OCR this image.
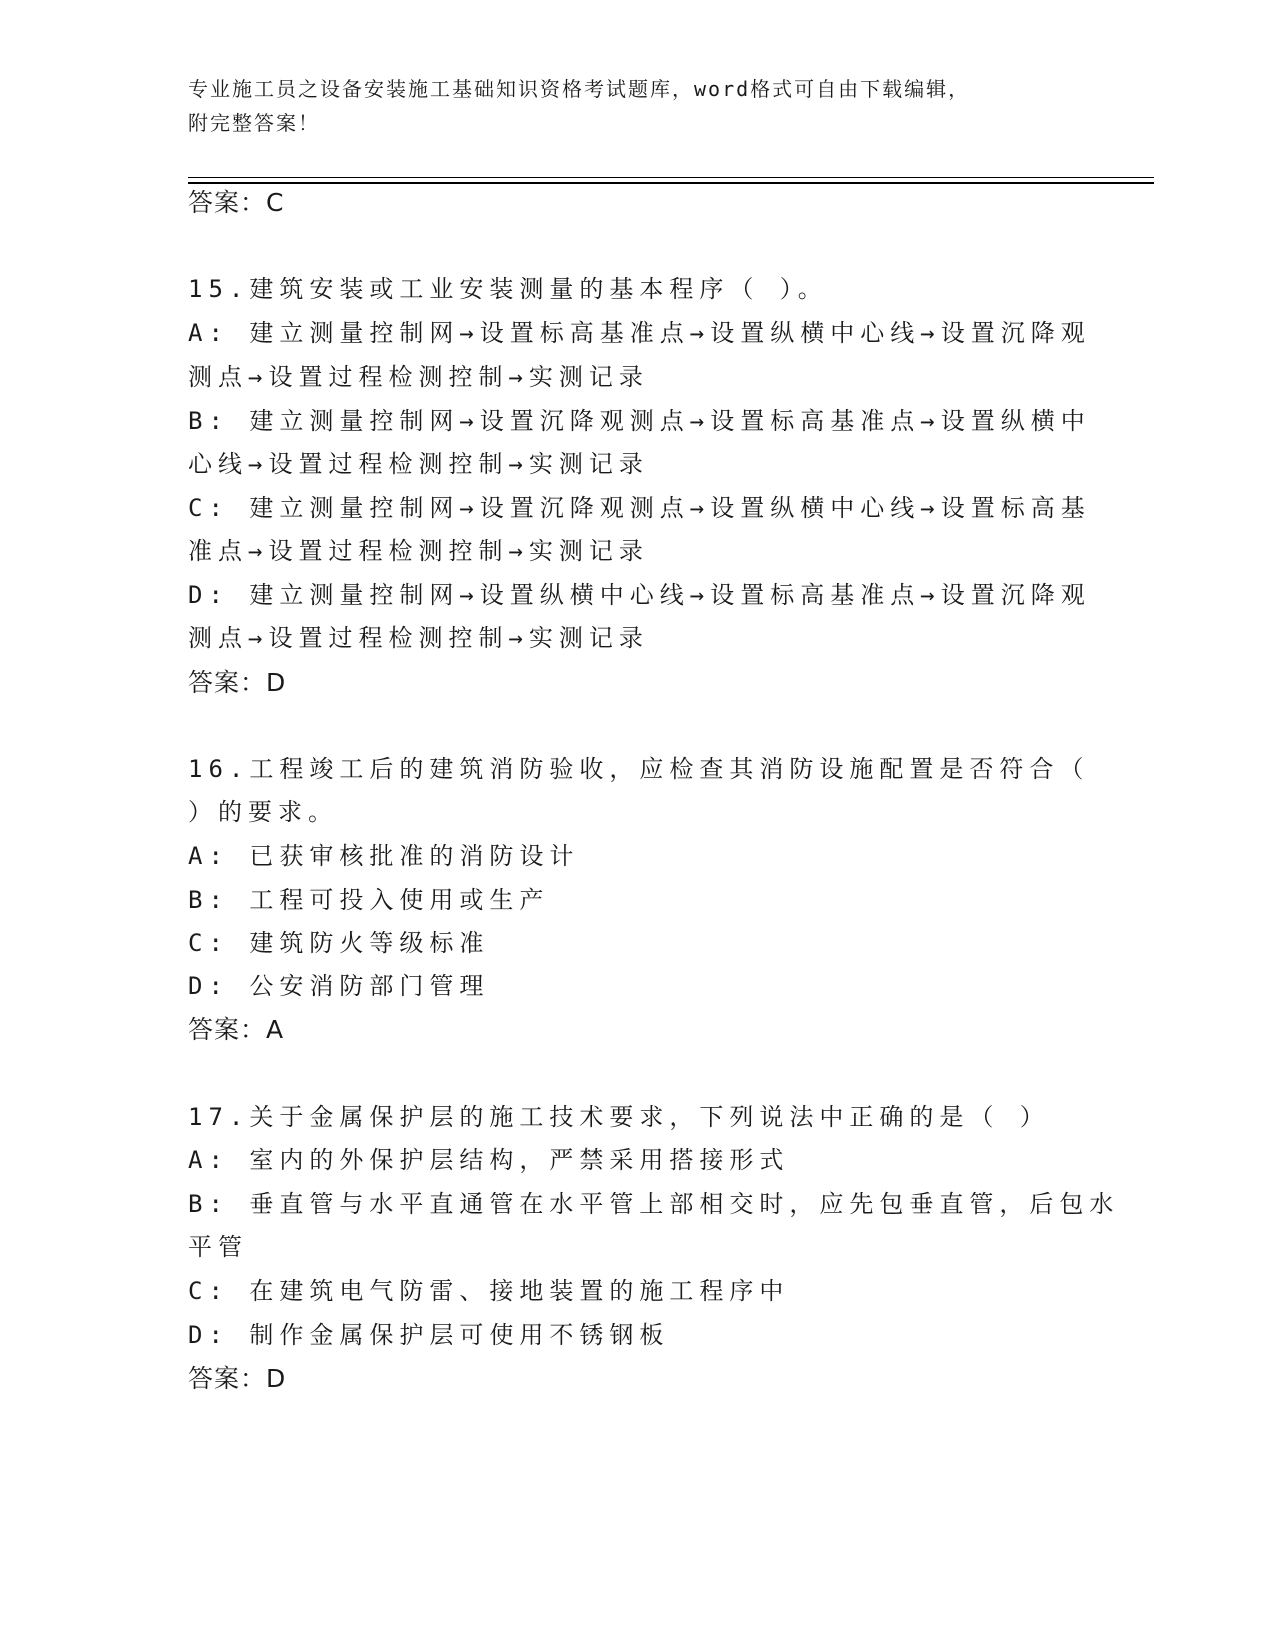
专业施工员之设备安装施工基础知识资格考试题库，word格式可自由下载编辑，
附完整答案！
答案：C
15.建筑安装或工业安装测量的基本程序（ ）。
A: 建立测量控制网→设置标高基准点→设置纵横中心线→设置沉降观
测点→设置过程检测控制→实测记录
B: 建立测量控制网→设置沉降观测点→设置标高基准点→设置纵横中
心线→设置过程检测控制→实测记录
C: 建立测量控制网→设置沉降观测点→设置纵横中心线→设置标高基
准点→设置过程检测控制→实测记录
D: 建立测量控制网→设置纵横中心线→设置标高基准点→设置沉降观
测点→设置过程检测控制→实测记录
答案：D
16.工程竣工后的建筑消防验收，应检查其消防设施配置是否符合（
）的要求。
A: 已获审核批准的消防设计
B: 工程可投入使用或生产
C: 建筑防火等级标准
D: 公安消防部门管理
答案：A
17.关于金属保护层的施工技术要求，下列说法中正确的是（ ）
A: 室内的外保护层结构，严禁采用搭接形式
B: 垂直管与水平直通管在水平管上部相交时，应先包垂直管，后包水
平管
C: 在建筑电气防雷、接地装置的施工程序中
D: 制作金属保护层可使用不锈钢板
答案：D
